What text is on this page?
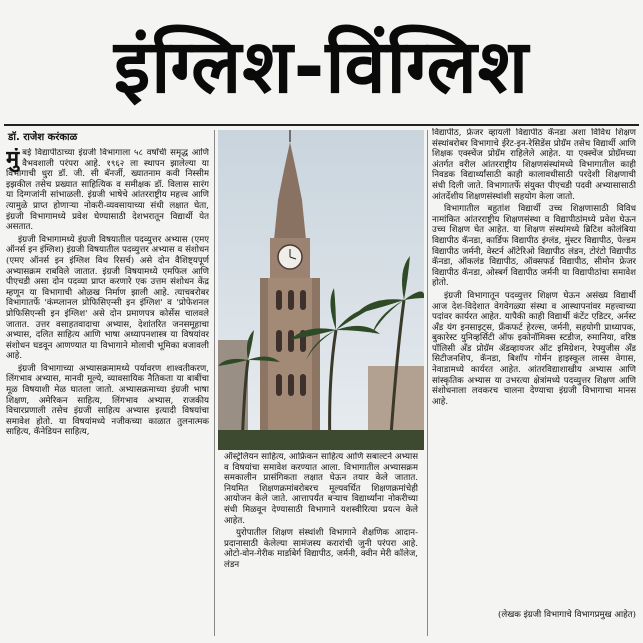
इंग्लिश-विंग्लिश
डॉ. राजेश करंकाळ

मुंबई विद्यापीठाच्या इंग्रजी विभागाला ५८ वर्षांची समृद्ध आणि वैभवशाली परंपरा आहे. १९६२ ला स्थापन झालेल्या या विभागाची धुरा डॉ. जी. सी बॅनर्जी, ख्यातनाम कवी निस्सीम इझकील तसेच प्रख्यात साहित्यिक व समीक्षक डॉ. विलास सारंग या दिग्गजांनी सांभाळली. इंग्रजी भाषेचे आंतरराष्ट्रीय महत्त्व आणि त्यामुळे प्राप्त होणाऱ्या नोकरी-व्यवसायाच्या संधी लक्षात घेता, इंग्रजी विभागामध्ये प्रवेश घेण्यासाठी देशभरातून विद्यार्थी येत असतात.

इंग्रजी विभागामध्ये इंग्रजी विषयातील पदव्युत्तर अभ्यास (एमए ऑनर्स इन इंग्लिश) इंग्रजी विषयातील पदव्युत्तर अभ्यास व संशोधन (एमए ऑनर्स इन इंग्लिश विथ रिसर्च) असे दोन वैशिष्ट्यपूर्ण अभ्यासक्रम राबविले जातात. इंग्रजी विषयामध्ये एमफिल आणि पीएचडी असा दोन पदव्या प्राप्त करणारे एक उत्तम संशोधन केंद्र म्हणून या विभागाची ओळख निर्माण झाली आहे. त्याचबरोबर विभागातर्फे 'कंम्प्लानल प्रोफिसिएन्सी इन इंग्लिश' व 'प्रोफेशनल प्रोफिसिएन्सी इन इंग्लिश' असे दोन प्रमाणपत्र कोर्सेस चालवले जातात. उत्तर वसाहतवादाचा अभ्यास, देशांतरित जनसमूहाचा अभ्यास, दलित साहित्य आणि भाषा अध्यापनशास्त्र या विषयांवर संशोधन घडवून आणण्यात या विभागाने मोलाची भूमिका बजावली आहे.

इंग्रजी विभागाच्या अभ्यासक्रमामध्ये पर्यावरण शाश्वतीकरण, लिंगभाव अभ्यास, मानवी मूल्ये, व्यावसायिक नैतिकता या बाबींचा मूळ विषयाशी मेळ घातला जातो. अभ्यासक्रमाच्या इंग्रजी भाषा शिक्षण, अमेरिकन साहित्य, लिंगभाव अभ्यास, राजकीय विचारप्रणाली तसेच इंग्रजी साहित्य अभ्यास इत्यादी विषयांचा समावेश होतो. या विषयांमध्ये नजीकच्या काळात तुलनात्मक साहित्य, कॅनेडियन साहित्य,

ऑस्ट्रेलियन साहित्य, आफ्रिकन साहित्य आणि सबाल्टर्न अभ्यास व विषयांचा समावेश करण्यात आला. विभागातील अभ्यासक्रम समकालीन प्रासंगिकता लक्षात घेऊन तयार केले जातात. नियमित शिक्षणक्रमांबरोबरच मूल्यवर्धित शिक्षणक्रमांचेही आयोजन केले जाते. आत्तापर्यंत बऱ्याच विद्यार्थ्यांना नोकरीच्या संधी मिळवून देण्यासाठी विभागाने यशस्वीरित्या प्रयत्न केले आहेत.

युरोपातील शिक्षण संस्थांशी विभागाने शैक्षणिक आदान-प्रदानासाठी केलेल्या सामंजस्य करारांची जुनी परंपरा आहे. ओटो-वोन-गेरीक मार्डाबेर्ग विद्यापीठ, जर्मनी, क्वीन मेरी कॉलेज, लंडन

विद्यापीठ, फ्रेजर व्हायली विद्यापीठ कॅनडा अशा विविध शिक्षण संस्थांबरोबर विभागाचे ईरेट-इन-रेसिडेंस प्रोग्रॅम तसेच विद्यार्थी आणि शिक्षक एक्स्चेंज प्रोग्रॅम राहिलेले आहेत. या एक्स्चेंज प्रोग्रॅमच्या अंतर्गत वरील आंतरराष्ट्रीय शिक्षणसंस्थांमध्ये विभागातील काही निवडक विद्यार्थ्यांसाठी काही कालावधीसाठी परदेशी शिक्षणाची संधी दिली जाते. विभागातर्फे संयुक्त पीएचडी पदवी अभ्यासासाठी आंतर्देशीय शिक्षणसंस्थांशी सहयोग केला जातो.

विभागातील बहुतांश विद्यार्थी उच्च शिक्षणासाठी विविध नामांकित आंतरराष्ट्रीय शिक्षणसंस्था व विद्यापीठांमध्ये प्रवेश घेऊन उच्च शिक्षण घेत आहेत. या शिक्षण संस्थांमध्ये ब्रिटिश कोलंबिया विद्यापीठ कॅनडा, कार्डिफ विद्यापीठ इंग्लंड, मुंस्टर विद्यापीठ, पेल्डम विद्यापीठ जर्मनी, वेस्टर्न ऑटेरिओ विद्यापीठ लंडन, टोरंटो विद्यापीठ कॅनडा, ऑकलंड विद्यापीठ, ऑक्सफर्ड विद्यापीठ, सीमोन फ्रेजर विद्यापीठ कॅनडा, ओस्बर्ग विद्यापीठ जर्मनी या विद्यापीठांचा समावेश होतो.

इंग्रजी विभागातून पदव्युत्तर शिक्षण घेऊन असंख्य विद्यार्थी आज देश-विदेशात वेगवेगळ्या संस्था व आस्थापनांवर महत्त्वाच्या पदांवर कार्यरत आहेत. यापैकी काही विद्यार्थी कंटेंट एडिटर, अर्नस्ट ॲंड यंग इनसाइट्स, फ्रँकफर्ट हेरल्स, जर्मनी, सहयोगी प्राध्यापक, बुकारेस्ट युनिव्हर्सिटी ऑफ इकोनॉमिक्स स्टडीज, रुमानिया, वरिष्ठ पॉलिसी ॲंड प्रोग्रॅम ॲडव्हायजर ऑट इमिग्रेशन, रेफ्युजीस ॲंड सिटीजनशिप, कॅनडा, बिशॉप गोर्मन हाइस्कूल लास्स वेगास, नेवाडामध्ये कार्यरत आहेत. आंतरविद्याशाखीय अभ्यास आणि सांस्कृतिक अभ्यास या उभरत्या क्षेत्रांमध्ये पदव्युत्तर शिक्षण आणि संशोधनाला लवकरच चालना देण्याचा इंग्रजी विभागाचा मानस आहे.

(लेखक इंग्रजी विभागाचे विभागप्रमुख आहेत)
